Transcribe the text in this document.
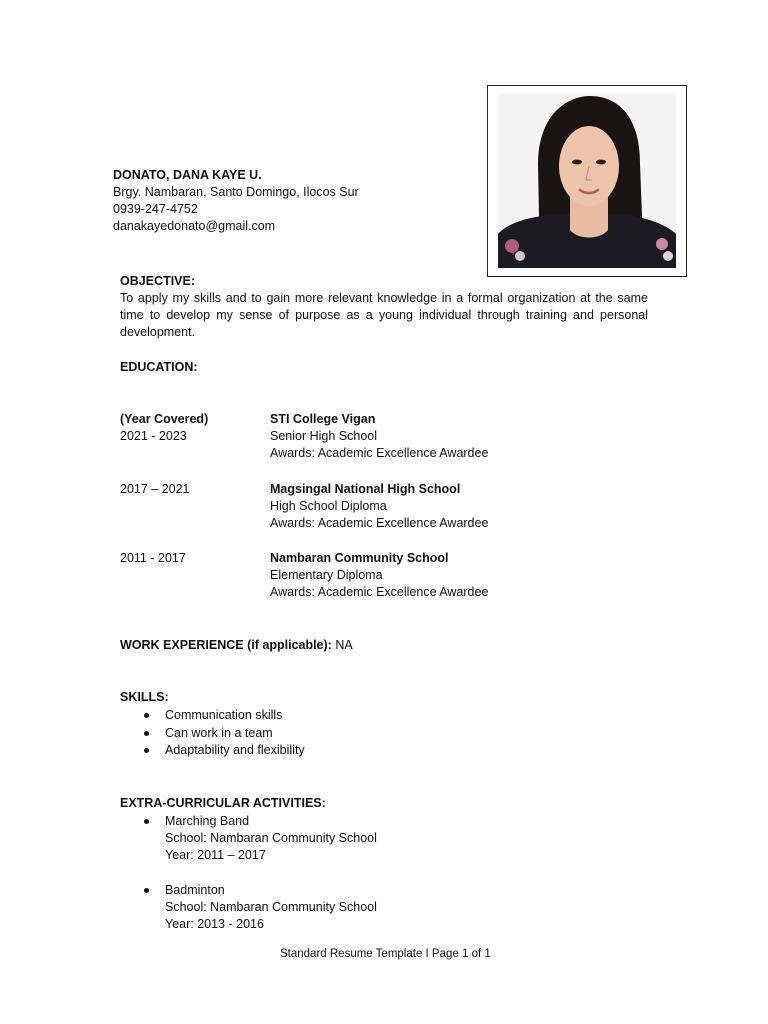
DONATO, DANA KAYE U.
Brgy. Nambaran, Santo Domingo, Ilocos Sur
0939-247-4752
danakayedonato@gmail.com
OBJECTIVE:
To apply my skills and to gain more relevant knowledge in a formal organization at the same time to develop my sense of purpose as a young individual through training and personal development.
EDUCATION:
(Year Covered)
2021 - 2023
STI College Vigan
Senior High School
Awards: Academic Excellence Awardee
2017 – 2021	Magsingal National High School
High School Diploma
Awards: Academic Excellence Awardee
2011 - 2017	Nambaran Community School
Elementary Diploma
Awards: Academic Excellence Awardee
WORK EXPERIENCE (if applicable): NA
SKILLS:
Communication skills
Can work in a team
Adaptability and flexibility
EXTRA-CURRICULAR ACTIVITIES:
Marching Band
School: Nambaran Community School
Year: 2011 – 2017
Badminton
School: Nambaran Community School
Year: 2013 - 2016
Standard Resume Template I Page 1 of 1
